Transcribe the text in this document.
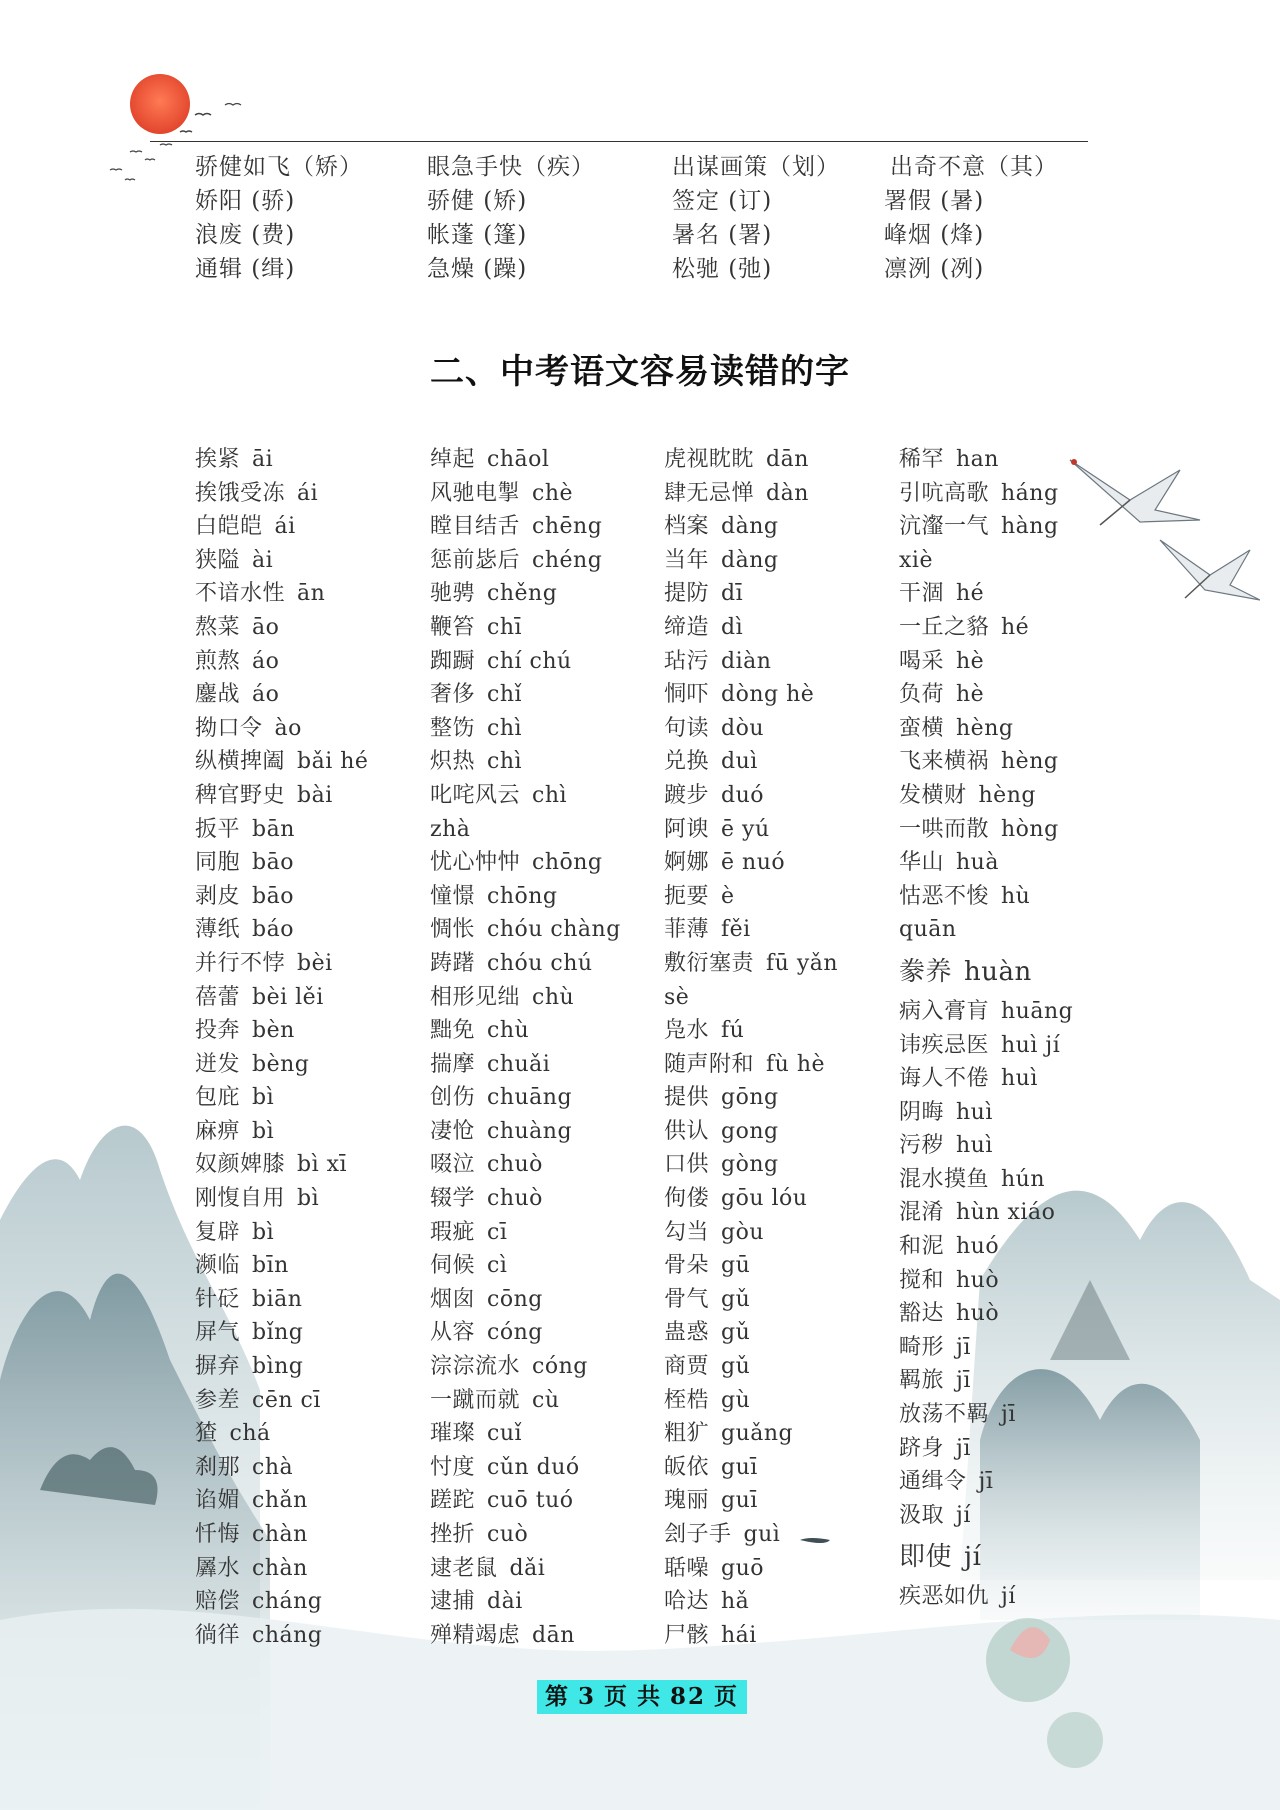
骄健如飞（矫）	眼急手快（疾）	出谋画策（划） 出奇不意（其）
娇阳 (骄)	骄健 (矫)	签定 (订)	署假 (暑)
浪废 (费)	帐蓬 (篷)	暑名 (署)	峰烟 (烽)
通辑 (缉)	急燥 (躁)	松驰 (弛)	凛洌 (冽)
二、中考语文容易读错的字
挨紧 āi
挨饿受冻 ái
白皑皑 ái
狭隘 ài
不谙水性 ān
熬菜 āo
煎熬 áo
鏖战 áo
拗口令 ào
纵横捭阖 bǎi hé
稗官野史 bài
扳平 bān
同胞 bāo
剥皮 bāo
薄纸 báo
并行不悖 bèi
蓓蕾 bèi lěi
投奔 bèn
迸发 bèng
包庇 bì
麻痹 bì
奴颜婢膝 bì xī
刚愎自用 bì
复辟 bì
濒临 bīn
针砭 biān
屏气 bǐng
摒弃 bìng
参差 cēn cī
猹 chá
刹那 chà
谄媚 chǎn
忏悔 chàn
羼水 chàn
赔偿 cháng
徜徉 cháng
绰起 chāol
风驰电掣 chè
瞠目结舌 chēng
惩前毖后 chéng
驰骋 chěng
鞭笞 chī
踟蹰 chí chú
奢侈 chǐ
整饬 chì
炽热 chì
叱咤风云 chì
zhà
忧心忡忡 chōng
憧憬 chōng
惆怅 chóu chàng
踌躇 chóu chú
相形见绌 chù
黜免 chù
揣摩 chuǎi
创伤 chuāng
凄怆 chuàng
啜泣 chuò
辍学 chuò
瑕疵 cī
伺候 cì
烟囱 cōng
从容 cóng
淙淙流水 cóng
一蹴而就 cù
璀璨 cuǐ
忖度 cǔn duó
蹉跎 cuō tuó
挫折 cuò
逮老鼠 dǎi
逮捕 dài
殚精竭虑 dān
虎视眈眈 dān
肆无忌惮 dàn
档案 dàng
当年 dàng
提防 dī
缔造 dì
玷污 diàn
恫吓 dòng hè
句读 dòu
兑换 duì
踱步 duó
阿谀 ē yú
婀娜 ē nuó
扼要 è
菲薄 fěi
敷衍塞责 fū yǎn
sè
凫水 fú
随声附和 fù hè
提供 gōng
供认 gong
口供 gòng
佝偻 gōu lóu
勾当 gòu
骨朵 gū
骨气 gǔ
蛊惑 gǔ
商贾 gǔ
桎梏 gù
粗犷 guǎng
皈依 guī
瑰丽 guī
刽子手 guì
聒噪 guō
哈达 hǎ
尸骸 hái
稀罕 han
引吭高歌 háng
沆瀣一气 hàng
xiè
干涸 hé
一丘之貉 hé
喝采 hè
负荷 hè
蛮横 hèng
飞来横祸 hèng
发横财 hèng
一哄而散 hòng
华山 huà
怙恶不悛 hù
quān
豢养 huàn
病入膏肓 huāng
讳疾忌医 huì jí
诲人不倦 huì
阴晦 huì
污秽 huì
混水摸鱼 hún
混淆 hùn xiáo
和泥 huó
搅和 huò
豁达 huò
畸形 jī
羁旅 jī
放荡不羁 jī
跻身 jī
通缉令 jī
汲取 jí
即使 jí
疾恶如仇 jí
第 3 页 共 82 页
